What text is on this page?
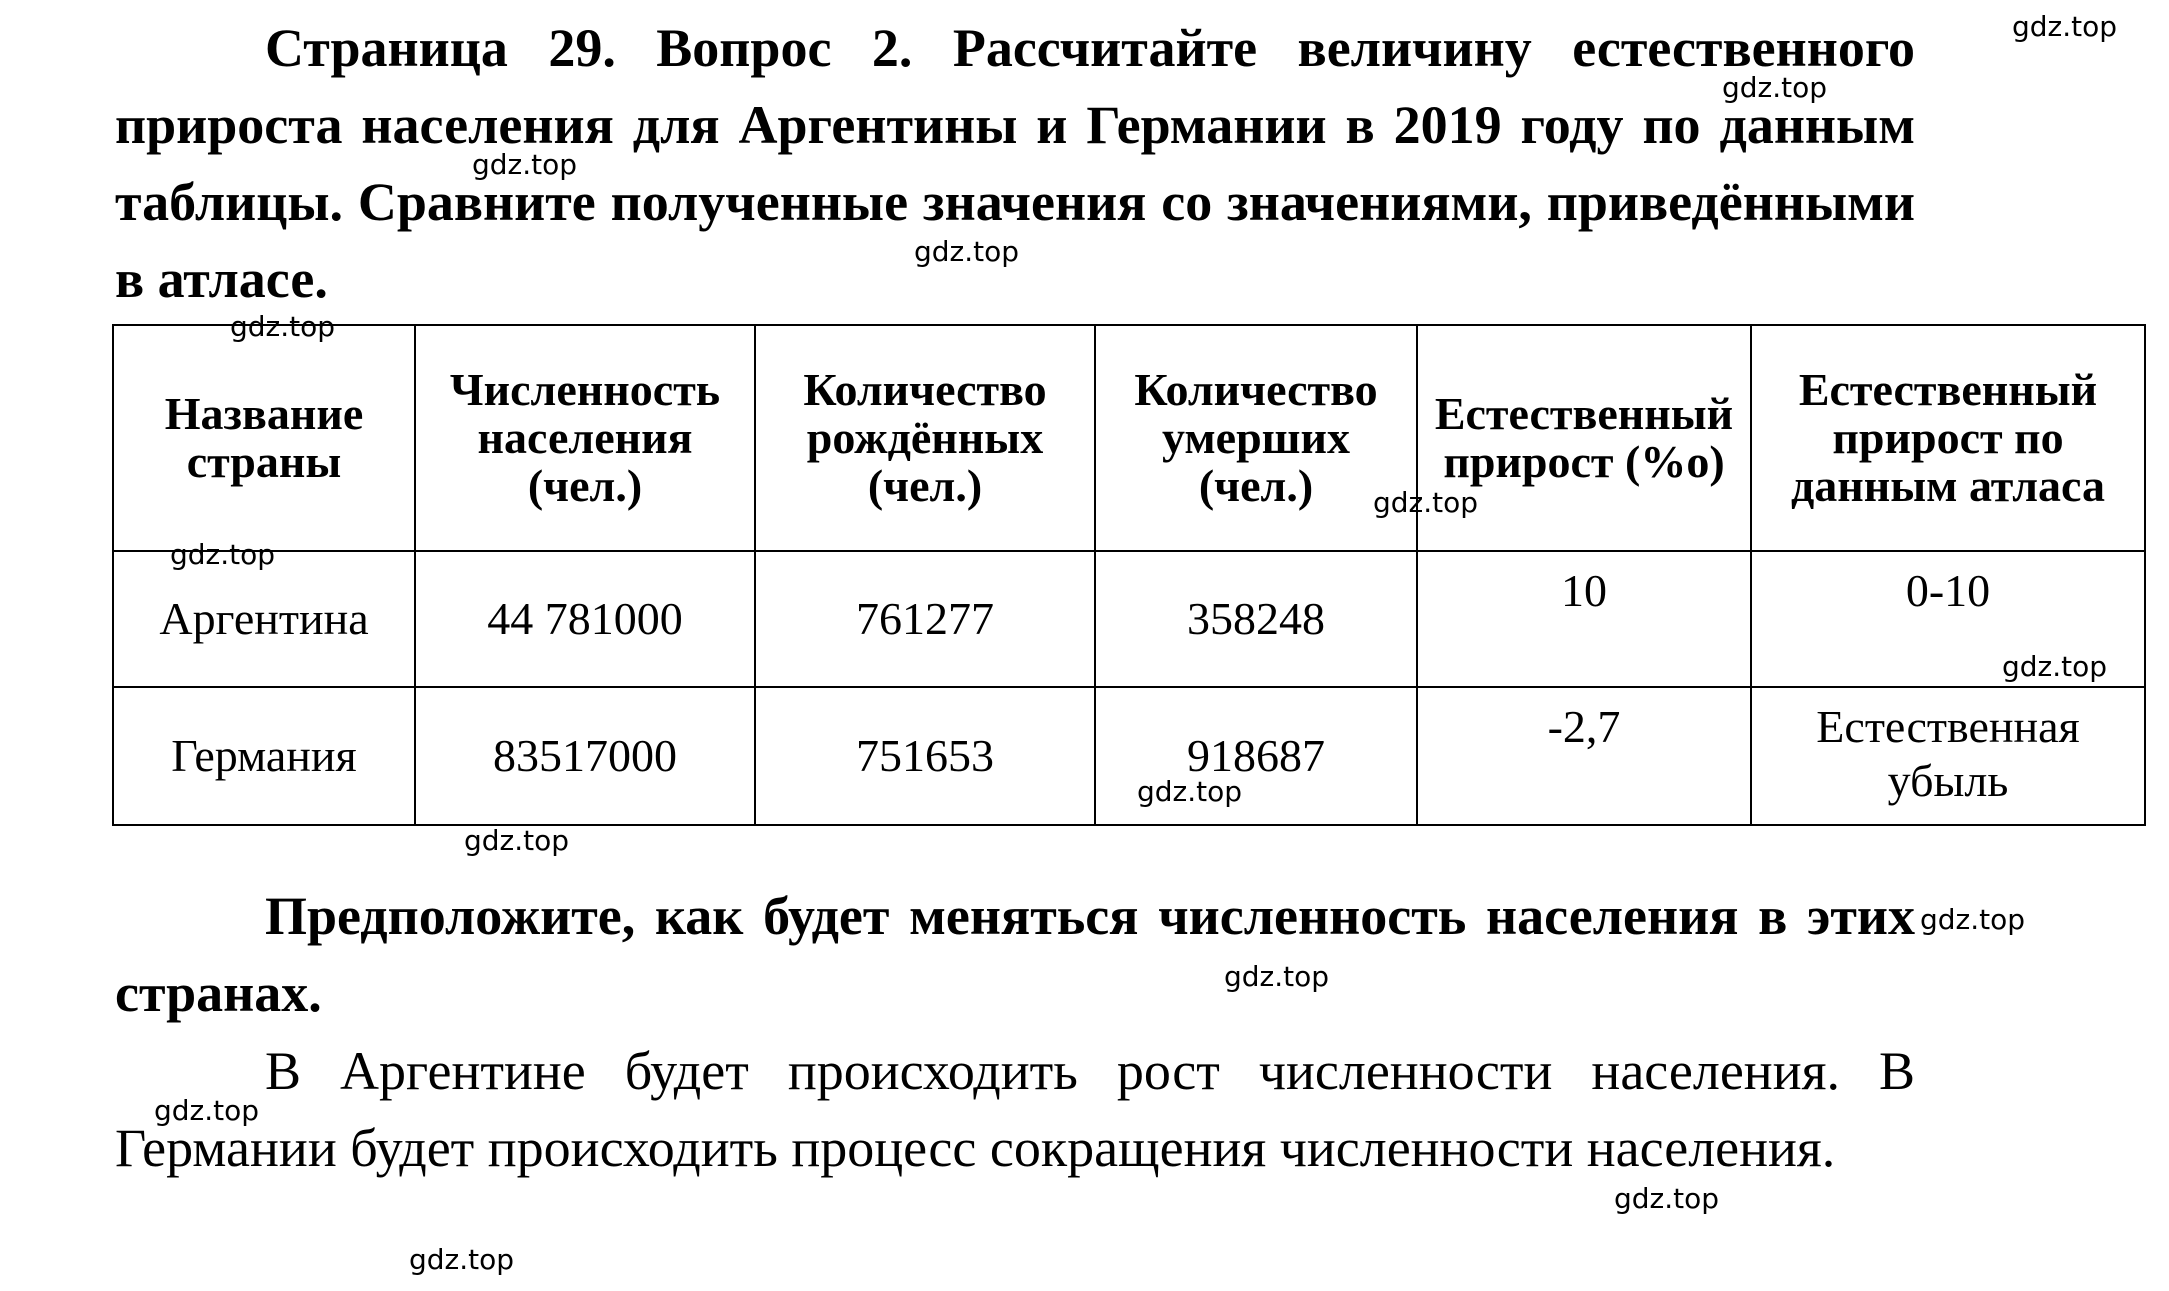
Страница 29. Вопрос 2. Рассчитайте величину естественного прироста населения для Аргентины и Германии в 2019 году по данным таблицы. Сравните полученные значения со значениями, приведёнными в атласе.
Название страны	Численность населения (чел.)	Количество рождённых (чел.)	Количество умерших (чел.)	Естественный прирост (%о)	Естественный прирост по данным атласа
Аргентина	44 781000	761277	358248	10	0-10
Германия	83517000	751653	918687	-2,7	Естественная убыль
Предположите, как будет меняться численность населения в этих странах.
В Аргентине будет происходить рост численности населения. В Германии будет происходить процесс сокращения численности населения.
gdz.top
gdz.top
gdz.top
gdz.top
gdz.top
gdz.top
gdz.top
gdz.top
gdz.top
gdz.top
gdz.top
gdz.top
gdz.top
gdz.top
gdz.top
